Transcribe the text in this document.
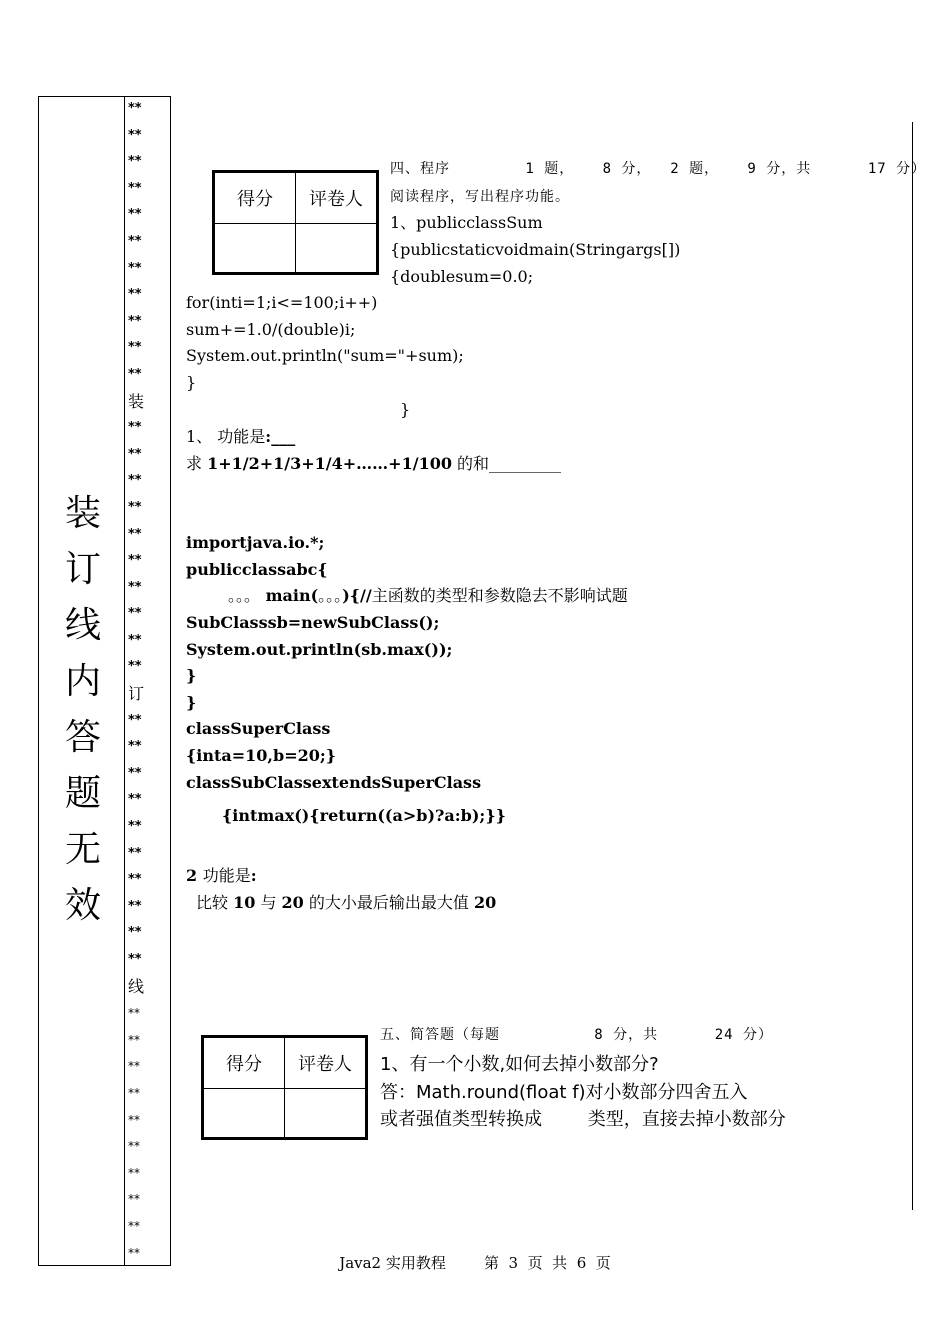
**
**
**
**
**
**
**
**
**
**
**
装
**
**
**
**
**
**
**
**
**
**
订
**
**
**
**
**
**
**
**
**
**
线
**
**
**
**
**
**
**
**
**
**
装
订
线
内
答
题
无
效
得分	评卷人

四、程序        1 题，   8 分，  2 题，   9 分，共      17 分）
阅读程序，写出程序功能。
1、publicclassSum
{publicstaticvoidmain(Stringargs[])
{doublesum=0.0;
for(inti=1;i<=100;i++)
sum+=1.0/(double)i;
System.out.println("sum="+sum);
}
}
1、 功能是:___
求 1+1/2+1/3+1/4+……+1/100 的和_________
importjava.io.*;
publicclassabc{
。。。 main(。。。){//主函数的类型和参数隐去不影响试题
SubClasssb=newSubClass();
System.out.println(sb.max());
}
}
classSuperClass
{inta=10,b=20;}
classSubClassextendsSuperClass
{intmax(){return((a>b)?a:b);}}
2 功能是:
比较 10 与 20 的大小最后输出最大值 20
得分	评卷人

五、简答题（每题          8 分，共      24 分）
1、有一个小数,如何去掉小数部分?
答：Math.round(float f)对小数部分四舍五入
或者强值类型转换成        类型，直接去掉小数部分
Java2 实用教程        第  3  页  共  6  页
